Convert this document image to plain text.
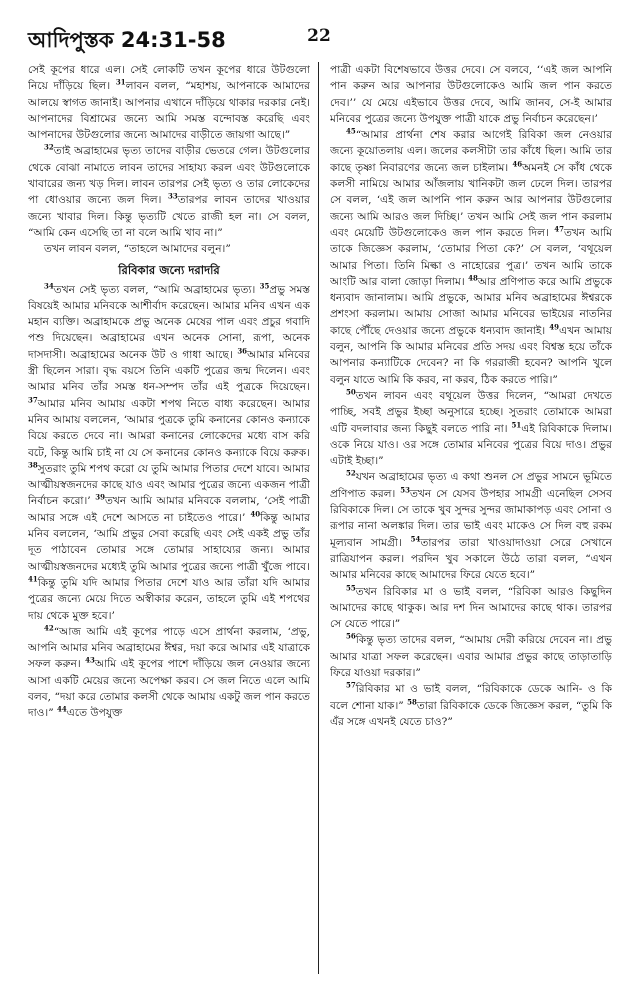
আদিপুস্তক 24:31-58	22

সেই কূপের ধারে এল। সেই লোকটি তখন কূপের ধারে উটগুলো নিয়ে দাঁড়িয়ে ছিল। $^{31}$লাবন বলল, “মহাশয়, আপনাকে আমাদের আলয়ে স্বাগত জানাই। আপনার এখানে দাঁড়িয়ে থাকার দরকার নেই। আপনাদের বিশ্রামের জন্যে আমি সমস্ত বন্দোবস্ত করেছি এবং আপনাদের উটগুলোর জন্যে আমাদের বাড়ীতে জায়গা আছে।”

$^{32}$তাই অব্রাহামের ভৃত্য তাদের বাড়ীর ভেতরে গেল। উটগুলোর থেকে বোঝা নামাতে লাবন তাদের সাহায্য করল এবং উটগুলোকে খাবারের জন্য খড় দিল। লাবন তারপর সেই ভৃত্য ও তার লোকেদের পা ধোওয়ার জন্যে জল দিল। $^{33}$তারপর লাবন তাদের খাওয়ার জন্যে খাবার দিল। কিন্তু ভৃত্যটি খেতে রাজী হল না। সে বলল, “আমি কেন এসেছি তা না বলে আমি খাব না।”

তখন লাবন বলল, “তাহলে আমাদের বলুন।”

রিবিকার জন্যে দরাদরি

$^{34}$তখন সেই ভৃত্য বলল, “আমি অব্রাহামের ভৃত্য। $^{35}$প্রভু সমস্ত বিষয়েই আমার মনিবকে আশীর্বাদ করেছেন। আমার মনিব এখন এক মহান ব্যক্তি। অব্রাহামকে প্রভু অনেক মেষের পাল এবং প্রচুর গবাদি পশু দিয়েছেন। অব্রাহামের এখন অনেক সোনা, রূপা, অনেক দাসদাসী। অব্রাহামের অনেক উট ও গাধা আছে। $^{36}$আমার মনিবের স্ত্রী ছিলেন সারা। বৃদ্ধ বয়সে তিনি একটি পুত্রের জন্ম দিলেন। এবং আমার মনিব তাঁর সমস্ত ধন-সম্পদ তাঁর এই পুত্রকে দিয়েছেন। $^{37}$আমার মনিব আমায় একটা শপথ নিতে বাধ্য করেছেন। আমার মনিব আমায় বললেন, ‘আমার পুত্রকে তুমি কনানের কোনও কন্যাকে বিয়ে করতে দেবে না। আমরা কনানের লোকেদের মধ্যে বাস করি বটে, কিন্তু আমি চাই না যে সে কনানের কোনও কন্যাকে বিয়ে করুক। $^{38}$সুতরাং তুমি শপথ করো যে তুমি আমার পিতার দেশে যাবে। আমার আত্মীয়স্বজনদের কাছে যাও এবং আমার পুত্রের জন্যে একজন পাত্রী নির্বাচন করো।’ $^{39}$তখন আমি আমার মনিবকে বললাম, ‘সেই পাত্রী আমার সঙ্গে এই দেশে আসতে না চাইতেও পারে।’ $^{40}$কিন্তু আমার মনিব বললেন, ‘আমি প্রভুর সেবা করেছি এবং সেই একই প্রভু তাঁর দূত পাঠাবেন তোমার সঙ্গে তোমার সাহায্যের জন্য। আমার আত্মীয়স্বজনদের মধ্যেই তুমি আমার পুত্রের জন্যে পাত্রী খুঁজে পাবে। $^{41}$কিন্তু তুমি যদি আমার পিতার দেশে যাও আর তাঁরা যদি আমার পুত্রের জন্যে মেয়ে দিতে অস্বীকার করেন, তাহলে তুমি এই শপথের দায় থেকে মুক্ত হবে।’

$^{42}$“আজ আমি এই কূপের পাড়ে এসে প্রার্থনা করলাম, ‘প্রভু, আপনি আমার মনিব অব্রাহামের ঈশ্বর, দয়া করে আমার এই যাত্রাকে সফল করুন। $^{43}$আমি এই কূপের পাশে দাঁড়িয়ে জল নেওয়ার জন্যে আসা একটি মেয়ের জন্যে অপেক্ষা করব। সে জল নিতে এলে আমি বলব, “দয়া করে তোমার কলসী থেকে আমায় একটু জল পান করতে দাও।” $^{44}$এতে উপযুক্ত

পাত্রী একটা বিশেষভাবে উত্তর দেবে। সে বলবে, ‘‘এই জল আপনি পান করুন আর আপনার উটগুলোকেও আমি জল পান করতে দেব।’’ যে মেয়ে এইভাবে উত্তর দেবে, আমি জানব, সে-ই আমার মনিবের পুত্রের জন্যে উপযুক্ত পাত্রী যাকে প্রভু নির্বাচন করেছেন।’

$^{45}$“আমার প্রার্থনা শেষ করার আগেই রিবিকা জল নেওয়ার জন্যে কূয়োতলায় এল। জলের কলসীটা তার কাঁধে ছিল। আমি তার কাছে তৃষ্ণা নিবারণের জন্যে জল চাইলাম। $^{46}$অমনই সে কাঁধ থেকে কলসী নামিয়ে আমার আঁজলায় খানিকটা জল ঢেলে দিল। তারপর সে বলল, ‘এই জল আপনি পান করুন আর আপনার উটগুলোর জন্যে আমি আরও জল দিচ্ছি।’ তখন আমি সেই জল পান করলাম এবং মেয়েটি উটগুলোকেও জল পান করতে দিল। $^{47}$তখন আমি তাকে জিজ্ঞেস করলাম, ‘তোমার পিতা কে?’ সে বলল, ‘বথূয়েল আমার পিতা। তিনি মিল্কা ও নাহোরের পুত্র।’ তখন আমি তাকে আংটি আর বালা জোড়া দিলাম। $^{48}$আর প্রণিপাত করে আমি প্রভুকে ধন্যবাদ জানালাম। আমি প্রভুকে, আমার মনিব অব্রাহামের ঈশ্বরকে প্রশংসা করলাম। আমায় সোজা আমার মনিবের ভাইয়ের নাতনির কাছে পৌঁছে দেওয়ার জন্যে প্রভুকে ধন্যবাদ জানাই। $^{49}$এখন আমায় বলুন, আপনি কি আমার মনিবের প্রতি সদয় এবং বিশ্বস্ত হয়ে তাঁকে আপনার কন্যাটিকে দেবেন? না কি গররাজী হবেন? আপনি খুলে বলুন যাতে আমি কি করব, না করব, ঠিক করতে পারি।”

$^{50}$তখন লাবন এবং বথূয়েল উত্তর দিলেন, “আমরা দেখতে পাচ্ছি, সবই প্রভুর ইচ্ছা অনুসারে হচ্ছে। সুতরাং তোমাকে আমরা এটি বদলাবার জন্য কিছুই বলতে পারি না। $^{51}$এই রিবিকাকে দিলাম। ওকে নিয়ে যাও। ওর সঙ্গে তোমার মনিবের পুত্রের বিয়ে দাও। প্রভুর এটাই ইচ্ছা।”

$^{52}$যখন অব্রাহামের ভৃত্য এ কথা শুনল সে প্রভুর সামনে ভূমিতে প্রণিপাত করল। $^{53}$তখন সে যেসব উপহার সামগ্রী এনেছিল সেসব রিবিকাকে দিল। সে তাকে খুব সুন্দর সুন্দর জামাকাপড় এবং সোনা ও রূপার নানা অলঙ্কার দিল। তার ভাই এবং মাকেও সে দিল বহু রকম মূল্যবান সামগ্রী। $^{54}$তারপর তারা খাওয়াদাওয়া সেরে সেখানে রাত্রিযাপন করল। পরদিন খুব সকালে উঠে তারা বলল, “এখন আমার মনিবের কাছে আমাদের ফিরে যেতে হবে।”

$^{55}$তখন রিবিকার মা ও ভাই বলল, “রিবিকা আরও কিছুদিন আমাদের কাছে থাকুক। আর দশ দিন আমাদের কাছে থাক। তারপর সে যেতে পারে।”

$^{56}$কিন্তু ভৃত্য তাদের বলল, “আমায় দেরী করিয়ে দেবেন না। প্রভু আমার যাত্রা সফল করেছেন। এবার আমার প্রভুর কাছে তাড়াতাড়ি ফিরে যাওয়া দরকার।”

$^{57}$রিবিকার মা ও ভাই বলল, “রিবিকাকে ডেকে আনি- ও কি বলে শোনা যাক।” $^{58}$তারা রিবিকাকে ডেকে জিজ্ঞেস করল, “তুমি কি এঁর সঙ্গে এখনই যেতে চাও?”
